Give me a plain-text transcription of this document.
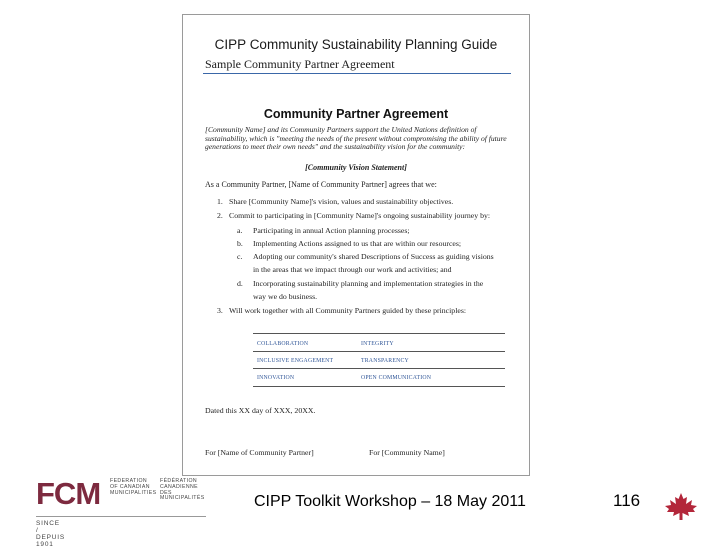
CIPP Community Sustainability Planning Guide
Sample Community Partner Agreement
Community Partner Agreement
[Community Name] and its Community Partners support the United Nations definition of sustainability, which is "meeting the needs of the present without compromising the ability of future generations to meet their own needs" and the sustainability vision for the community:
[Community Vision Statement]
As a Community Partner, [Name of Community Partner] agrees that we:
1. Share [Community Name]'s vision, values and sustainability objectives.
2. Commit to participating in [Community Name]'s ongoing sustainability journey by:
a. Participating in annual Action planning processes;
b. Implementing Actions assigned to us that are within our resources;
c. Adopting our community's shared Descriptions of Success as guiding visions
in the areas that we impact through our work and activities; and
d. Incorporating sustainability planning and implementation strategies in the
way we do business.
3. Will work together with all Community Partners guided by these principles:
COLLABORATION	INTEGRITY
INCLUSIVE ENGAGEMENT	TRANSPARENCY
INNOVATION	OPEN COMMUNICATION
Dated this XX day of XXX, 20XX.
For [Name of Community Partner]	For [Community Name]
FCM FEDERATION
OF CANADIAN
MUNICIPALITIES
FÉDÉRATION
CANADIENNE DES
MUNICIPALITÉS
SINCE / DEPUIS 1901
CIPP Toolkit Workshop – 18 May 2011	116
